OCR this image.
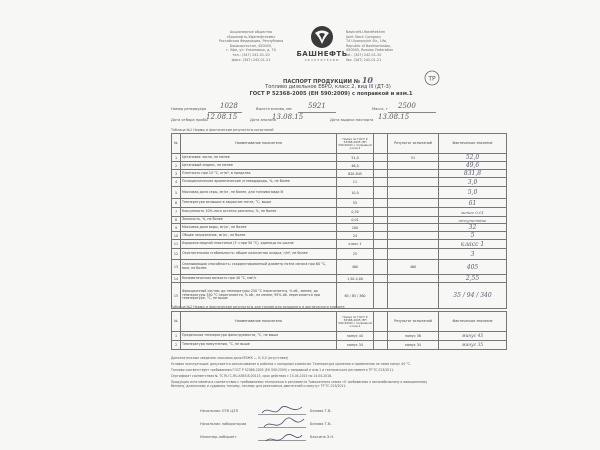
Акционерное общество
«Башнефть-Уфанефтехим»
Российская Федерация, Республика
Башкортостан, 450045,
г. Уфа, ул. Ульяновых, д. 74
тел.: (347) 242-01-20
факс: (347) 242-01-21
БАШНЕФТЬ
УФАНЕФТЕХИМ
Bashneft-Ufaneftekhim
Joint Stock Company
74 Ulyanovykh Str., Ufa,
Republic of Bashkortostan,
450045, Russian Federation
tel.: (347) 242-01-20
fax: (347) 242-01-21
ПАСПОРТ ПРОДУКЦИИ № 10
Топливо дизельное ЕВРО, класс 2, вид III (ДТ-3)
ГОСТ Р 52368-2005 (ЕН 590:2009) с поправкой и изм.1
ТР
Номер резервуара 1028	Высота взлива, мм 5921	Масса, т 2500
Дата отбора пробы
12.08.15	Дата анализа
13.08.15	Дата выдачи паспорта 13.08.15
Таблица №1 Нормы и фактические результаты испытаний
№	Наименование показателя	Норма по ГОСТ Р 52368-2005 (ЕН 590:2009) с поправкой и изм.1		Результат испытаний	Фактическое значение
1	Цетановое число, не менее	51,0		51	52,0
2	Цетановый индекс, не менее	46,0			49,6
3	Плотность при 15 °С, кг/м³, в пределах	820-845			831,8
4	Полициклические ароматические углеводороды, %, не более	11			3,0
5	Массовая доля серы, мг/кг, не более, для топлива вида III	10,0			5,0
6	Температура вспышки в закрытом тигле, °С, выше	55			61
7	Коксуемость 10%-ного остатка разгонки, %, не более	0,30			менее 0,01
8	Зольность, %, не более	0,01			отсутствие
9	Массовая доля воды, мг/кг, не более	200			32
10	Общее загрязнение, мг/кг, не более	24			5
11	Коррозия медной пластинки (3 ч при 50 °С), единицы по шкале	класс 1			класс 1
12	Окислительная стабильность: общее количество осадка, г/м³, не более	25			3
13	Смазывающая способность: скорректированный диаметр пятна износа при 60 °С, мкм, не более	460		460	405
14	Кинематическая вязкость при 40 °С, мм²/с	1,50-4,00			2,55
15	Фракционный состав: до температуры 250 °С перегоняется, % об., менее; до температуры 350 °С перегоняется, % об., не менее; 95% об. перегоняется при температуре, °С, не выше	65 / 85 / 360			35 / 94 / 340
Таблица №2 Нормы и фактические результаты для топлив для холодного и арктического климата
№	Наименование показателя	Норма по ГОСТ Р 52368-2005 (ЕН 590:2009) с поправкой и изм.1		Результат испытаний	Фактическое значение
1	Предельная температура фильтруемости, °С, не выше	минус 44		минус 36	минус 45
2	Температура помутнения, °С, не выше	минус 34		минус 34	минус 35
Дополнительные сведения: массовая доля МЭЖК — % 0,0 (отсутствие)
Условия эксплуатации: допускается использование в районах с холодным климатом. Температура хранения и применения не ниже минус 44 °С.
Топливо соответствует требованиям ГОСТ Р 52368-2005 (ЕН 590:2009) с поправкой и изм.1 и технического регламента ТР ТС 013/2011.
Сертификат соответствия № ТС RU C-RU.АЯ45.В.00115, срок действия с 15.04.2015 по 14.04.2018.
Продукция изготовлена в соответствии с требованиями технического регламента Таможенного союза «О требованиях к автомобильному и авиационному бензину, дизельному и судовому топливу, топливу для реактивных двигателей и мазуту» ТР ТС 013/2011.
Начальник ОТК ЦЗЛ	Белова Т.В.
Начальник лаборатории	Белова Т.В.
Инженер-лаборант	Бахтина З.Н.
